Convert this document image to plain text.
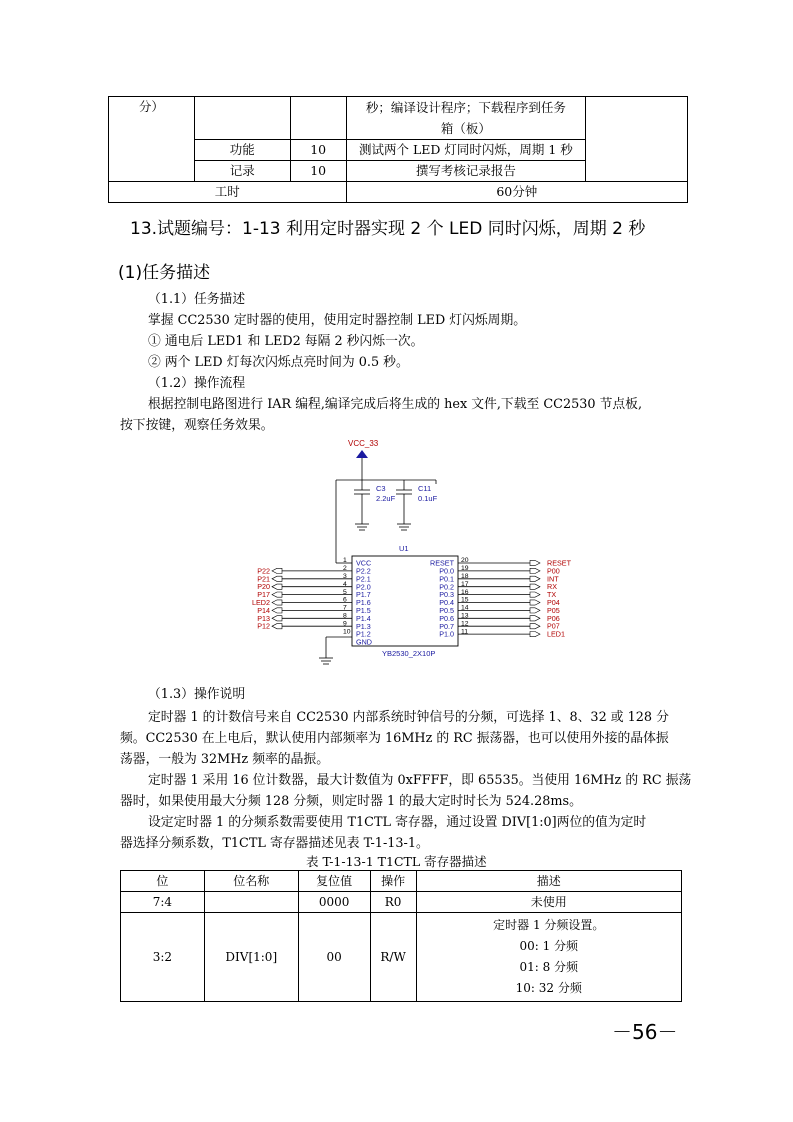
分）			秒；编译设计程序；下载程序到任务
箱（板）	

	功能	10	测试两个 LED 灯同时闪烁，周期 1 秒	
	记录	10	撰写考核记录报告	
工时			60分钟	
13.试题编号：1-13 利用定时器实现 2 个 LED 同时闪烁，周期 2 秒
(1)任务描述
（1.1）任务描述
掌握 CC2530 定时器的使用，使用定时器控制 LED 灯闪烁周期。
① 通电后 LED1 和 LED2 每隔 2 秒闪烁一次。
② 两个 LED 灯每次闪烁点亮时间为 0.5 秒。
（1.2）操作流程
根据控制电路图进行 IAR 编程,编译完成后将生成的 hex 文件,下载至 CC2530 节点板,
按下按键，观察任务效果。
VCC_33
C3
2.2uF
C11
0.1uF
U1
YB2530_2X10P
VCC
1
P2.2
2
P2.1
3
P2.0
4
P1.7
5
P1.6
6
P1.5
7
P1.4
8
P1.3
9
P1.2
10
GND
P22
P21
P20
P17
LED2
P14
P13
P12
RESET 20
P0.0 19
P0.1 18
P0.2 17
P0.3 16
P0.4 15
P0.5 14
P0.6 13
P0.7 12
P1.0 11
RESET
P00
INT
RX
TX
P04
P05
P06
P07
LED1
（1.3）操作说明
定时器 1 的计数信号来自 CC2530 内部系统时钟信号的分频，可选择 1、8、32 或 128 分
频。CC2530 在上电后，默认使用内部频率为 16MHz 的 RC 振荡器，也可以使用外接的晶体振
荡器，一般为 32MHz 频率的晶振。
定时器 1 采用 16 位计数器，最大计数值为 0xFFFF，即 65535。当使用 16MHz 的 RC 振荡
器时，如果使用最大分频 128 分频，则定时器 1 的最大定时时长为 524.28ms。
设定定时器 1 的分频系数需要使用 T1CTL 寄存器，通过设置 DIV[1:0]两位的值为定时
器选择分频系数，T1CTL 寄存器描述见表 T-1-13-1。
表 T-1-13-1 T1CTL 寄存器描述
位	位名称	复位值	操作	描述
7:4		0000	R0	未使用
3:2	DIV[1:0]	00	R/W	定时器 1 分频设置。
00: 1 分频
01: 8 分频
10: 32 分频
－56－
